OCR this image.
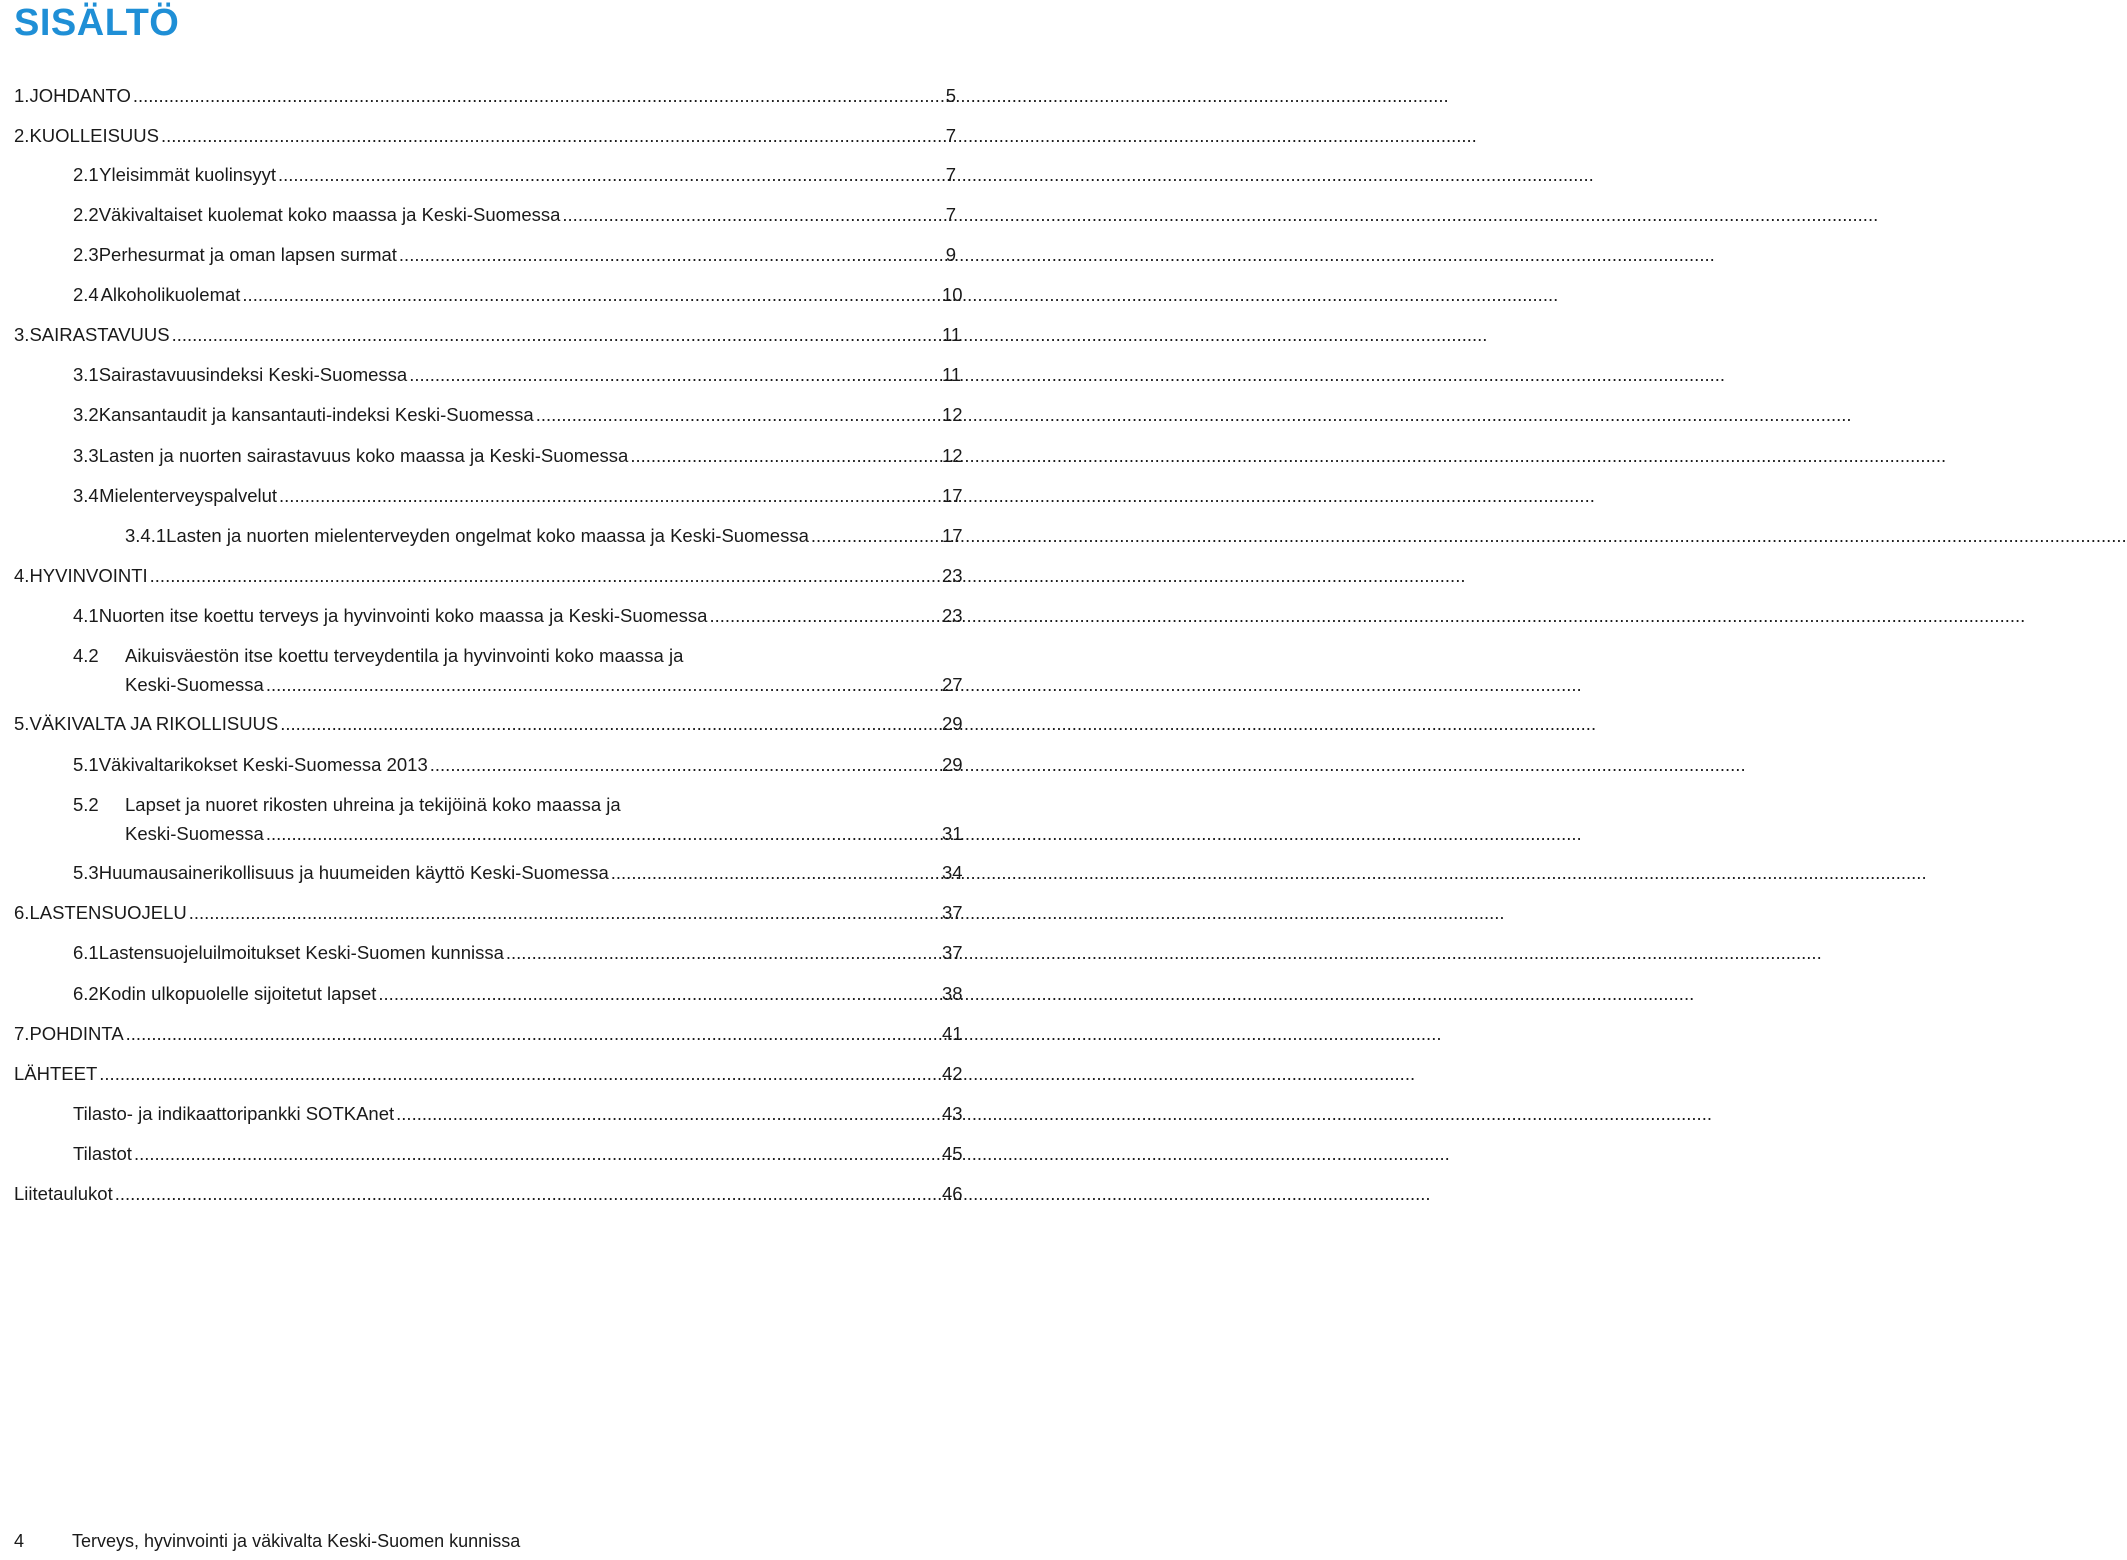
SISÄLTÖ
1. JOHDANTO .....	5
2. KUOLLEISUUS .....	7
2.1 Yleisimmät kuolinsyyt .....	7
2.2 Väkivaltaiset kuolemat koko maassa ja Keski-Suomessa .....	7
2.3 Perhesurmat ja oman lapsen surmat .....	9
2.4 Alkoholikuolemat .....	10
3. SAIRASTAVUUS .....	11
3.1 Sairastavuusindeksi Keski-Suomessa .....	11
3.2 Kansantaudit ja kansantauti-indeksi Keski-Suomessa .....	12
3.3 Lasten ja nuorten sairastavuus koko maassa ja Keski-Suomessa .....	12
3.4 Mielenterveyspalvelut .....	17
3.4.1 Lasten ja nuorten mielenterveyden ongelmat koko maassa ja Keski-Suomessa .....	17
4. HYVINVOINTI .....	23
4.1 Nuorten itse koettu terveys ja hyvinvointi koko maassa ja Keski-Suomessa .....	23
4.2	Aikuisväestön itse koettu terveydentila ja hyvinvointi koko maassa ja
Keski-Suomessa .....	27
5. VÄKIVALTA JA RIKOLLISUUS .....	29
5.1 Väkivaltarikokset Keski-Suomessa 2013 .....	29
5.2	Lapset ja nuoret rikosten uhreina ja tekijöinä koko maassa ja
Keski-Suomessa .....	31
5.3 Huumausainerikollisuus ja huumeiden käyttö Keski-Suomessa .....	34
6. LASTENSUOJELU .....	37
6.1 Lastensuojeluilmoitukset Keski-Suomen kunnissa .....	37
6.2 Kodin ulkopuolelle sijoitetut lapset .....	38
7. POHDINTA .....	41
LÄHTEET .....	42
Tilasto- ja indikaattoripankki SOTKAnet .....	43
Tilastot .....	45
Liitetaulukot .....	46
4	Terveys, hyvinvointi ja väkivalta Keski-Suomen kunnissa
